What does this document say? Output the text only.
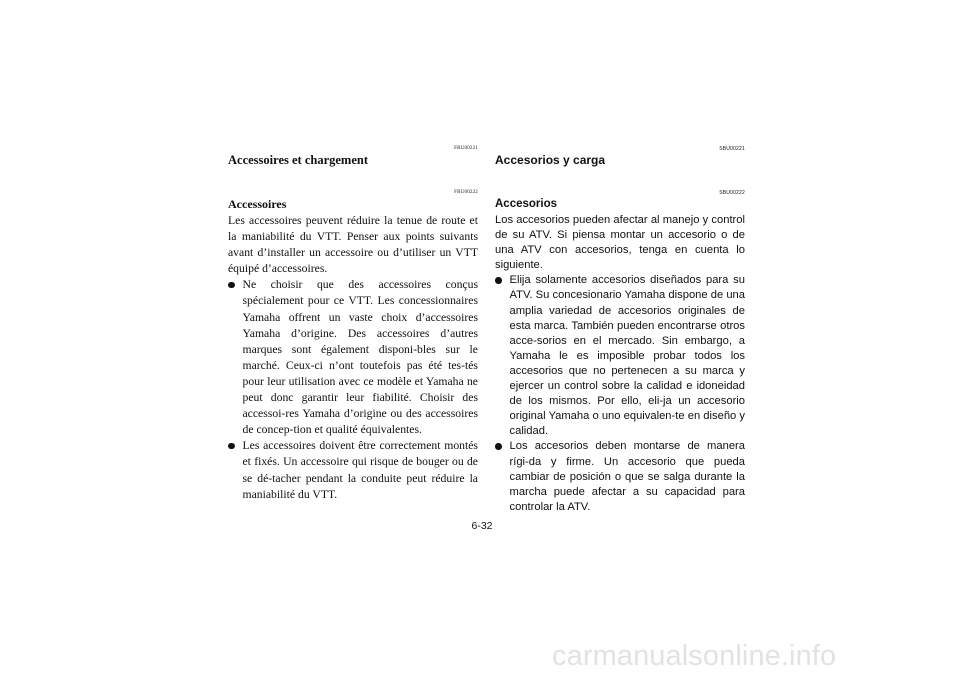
FBU00221
Accessoires et chargement
FBU00222
Accessoires

Les accessoires peuvent réduire la tenue de route et la maniabilité du VTT. Penser aux points suivants avant d’installer un accessoire ou d’utiliser un VTT équipé d’accessoires.

Ne choisir que des accessoires conçus spécialement pour ce VTT. Les concessionnaires Yamaha offrent un vaste choix d’accessoires Yamaha d’origine. Des accessoires d’autres marques sont également disponi-bles sur le marché. Ceux-ci n’ont toutefois pas été tes-tés pour leur utilisation avec ce modèle et Yamaha ne peut donc garantir leur fiabilité. Choisir des accessoi-res Yamaha d’origine ou des accessoires de concep-tion et qualité équivalentes.
Les accessoires doivent être correctement montés et fixés. Un accessoire qui risque de bouger ou de se dé-tacher pendant la conduite peut réduire la maniabilité du VTT.
SBU00221
Accesorios y carga
SBU00222
Accesorios

Los accesorios pueden afectar al manejo y control de su ATV. Si piensa montar un accesorio o de una ATV con accesorios, tenga en cuenta lo siguiente.

Elija solamente accesorios diseñados para su ATV. Su concesionario Yamaha dispone de una amplia variedad de accesorios originales de esta marca. También pueden encontrarse otros acce-sorios en el mercado. Sin embargo, a Yamaha le es imposible probar todos los accesorios que no pertenecen a su marca y ejercer un control sobre la calidad e idoneidad de los mismos. Por ello, eli-ja un accesorio original Yamaha o uno equivalen-te en diseño y calidad.
Los accesorios deben montarse de manera rígi-da y firme. Un accesorio que pueda cambiar de posición o que se salga durante la marcha puede afectar a su capacidad para controlar la ATV.
6-32
carmanualsonline.info
